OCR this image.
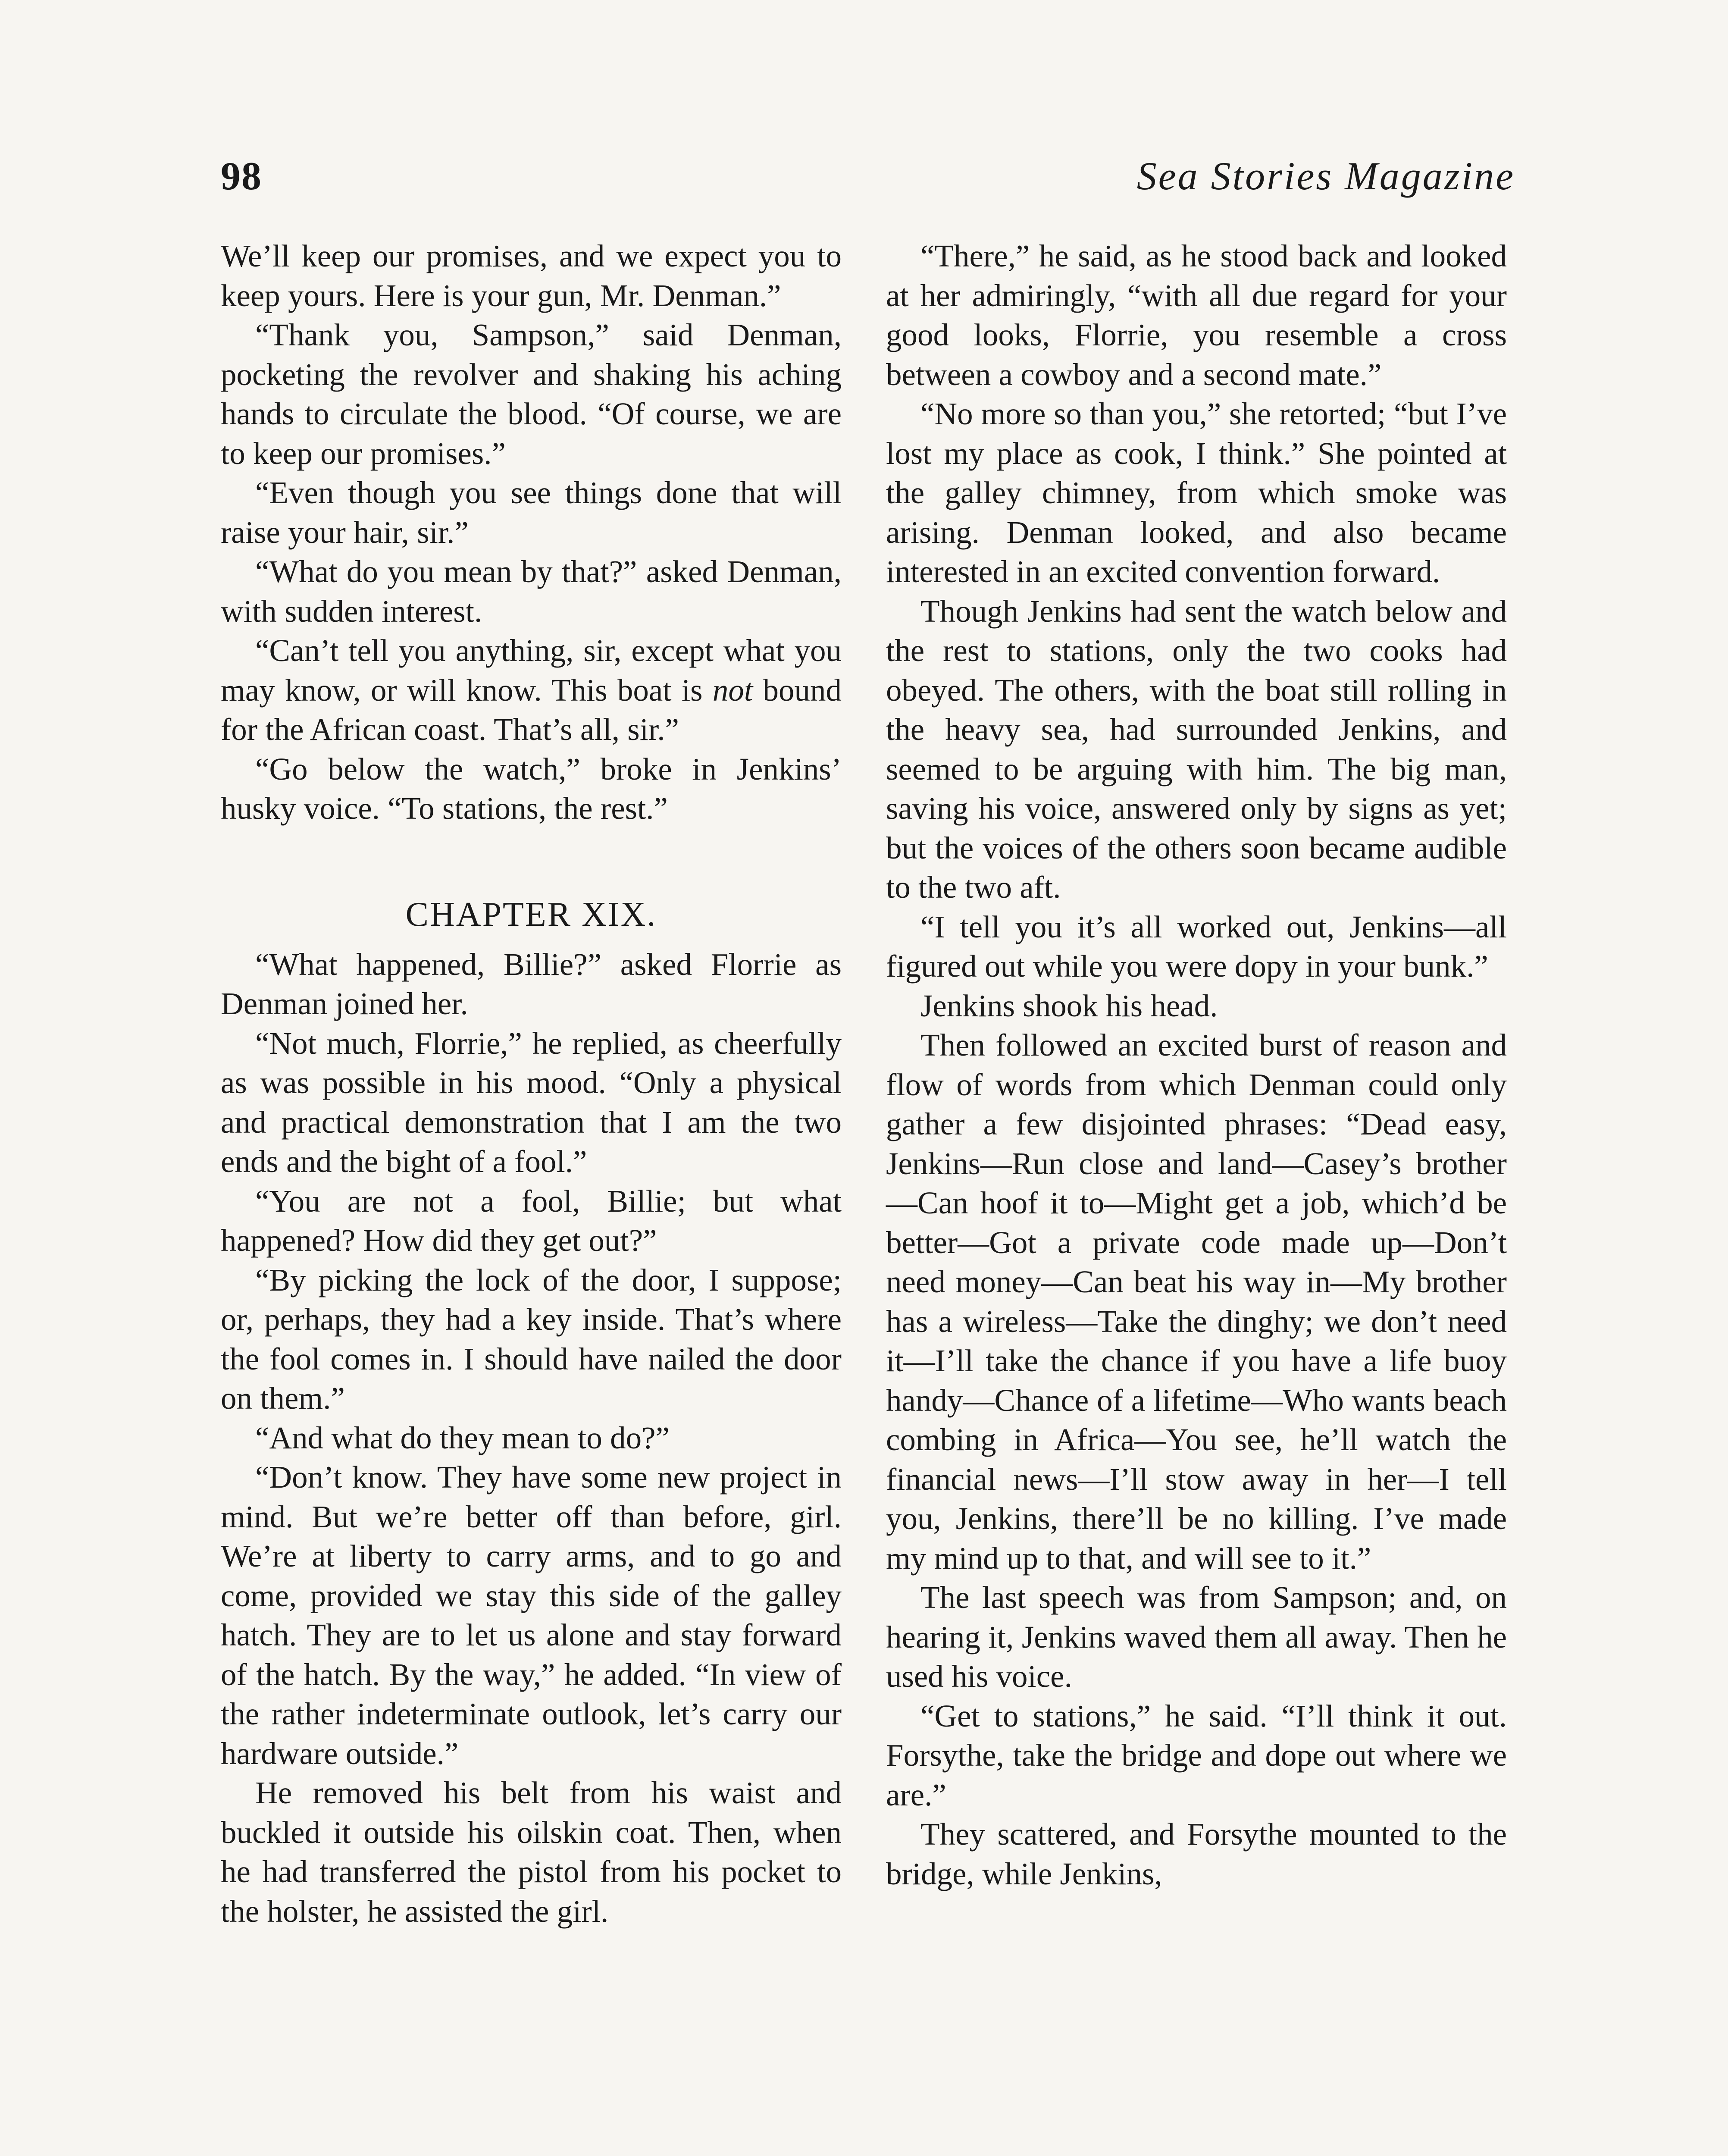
98	Sea Stories Magazine

We’ll keep our promises, and we expect you to keep yours. Here is your gun, Mr. Denman.”

“Thank you, Sampson,” said Denman, pocketing the revolver and shaking his aching hands to circulate the blood. “Of course, we are to keep our promises.”

“Even though you see things done that will raise your hair, sir.”

“What do you mean by that?” asked Denman, with sudden interest.

“Can’t tell you anything, sir, except what you may know, or will know. This boat is not bound for the African coast. That’s all, sir.”

“Go below the watch,” broke in Jenkins’ husky voice. “To stations, the rest.”

CHAPTER XIX.

“What happened, Billie?” asked Florrie as Denman joined her.

“Not much, Florrie,” he replied, as cheerfully as was possible in his mood. “Only a physical and practical demonstration that I am the two ends and the bight of a fool.”

“You are not a fool, Billie; but what happened? How did they get out?”

“By picking the lock of the door, I suppose; or, perhaps, they had a key inside. That’s where the fool comes in. I should have nailed the door on them.”

“And what do they mean to do?”

“Don’t know. They have some new project in mind. But we’re better off than before, girl. We’re at liberty to carry arms, and to go and come, provided we stay this side of the galley hatch. They are to let us alone and stay forward of the hatch. By the way,” he added. “In view of the rather indeterminate outlook, let’s carry our hardware outside.”

He removed his belt from his waist and buckled it outside his oilskin coat. Then, when he had transferred the pistol from his pocket to the holster, he assisted the girl.

“There,” he said, as he stood back and looked at her admiringly, “with all due regard for your good looks, Florrie, you resemble a cross between a cowboy and a second mate.”

“No more so than you,” she retorted; “but I’ve lost my place as cook, I think.” She pointed at the galley chimney, from which smoke was arising. Denman looked, and also became interested in an excited convention forward.

Though Jenkins had sent the watch below and the rest to stations, only the two cooks had obeyed. The others, with the boat still rolling in the heavy sea, had surrounded Jenkins, and seemed to be arguing with him. The big man, saving his voice, answered only by signs as yet; but the voices of the others soon became audible to the two aft.

“I tell you it’s all worked out, Jenkins—all figured out while you were dopy in your bunk.”

Jenkins shook his head.

Then followed an excited burst of reason and flow of words from which Denman could only gather a few disjointed phrases: “Dead easy, Jenkins—Run close and land—Casey’s brother—Can hoof it to—Might get a job, which’d be better—Got a private code made up—Don’t need money—Can beat his way in—My brother has a wireless—Take the dinghy; we don’t need it—I’ll take the chance if you have a life buoy handy—Chance of a lifetime—Who wants beach combing in Africa—You see, he’ll watch the financial news—I’ll stow away in her—I tell you, Jenkins, there’ll be no killing. I’ve made my mind up to that, and will see to it.”

The last speech was from Sampson; and, on hearing it, Jenkins waved them all away. Then he used his voice.

“Get to stations,” he said. “I’ll think it out. Forsythe, take the bridge and dope out where we are.”

They scattered, and Forsythe mounted to the bridge, while Jenkins,
